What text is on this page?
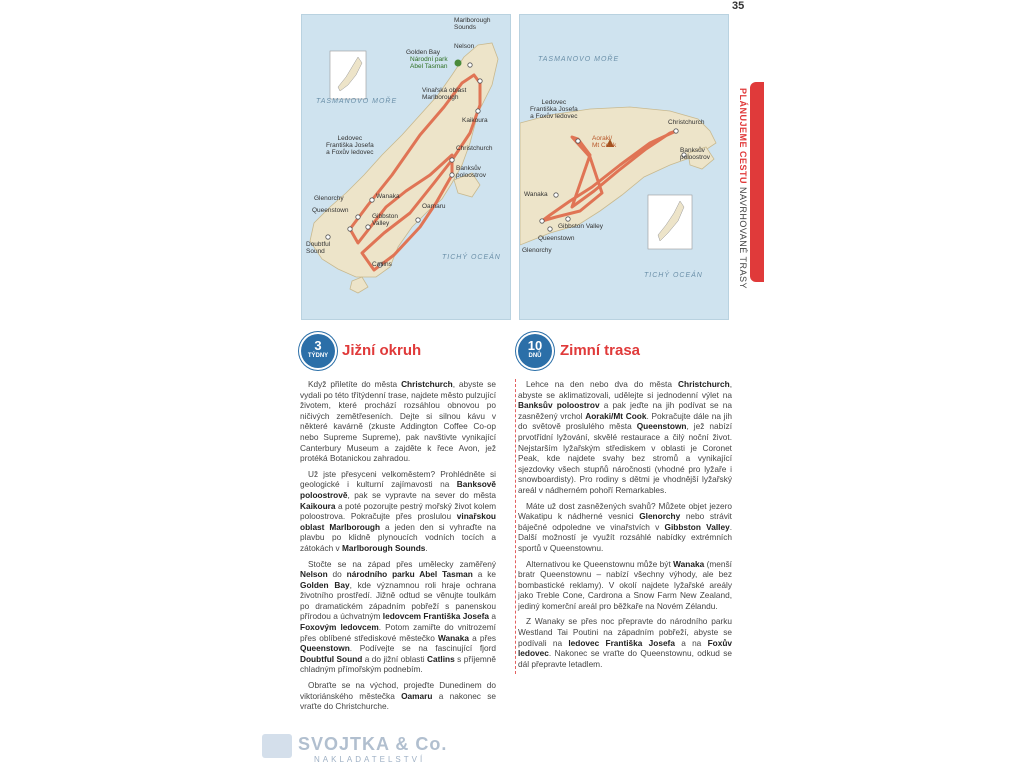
35
Marlborough
Sounds
Golden Bay
Nelson
Národní park
Abel Tasman
Vinařská oblast
Marlborough
Kaikoura
Ledovec
Františka Josefa
a Foxův ledovec
Christchurch
Banksův
poloostrov
Glenorchy
Queenstown
Wanaka
Gibbston
Valley
Oamaru
Doubtful
Sound
Catlins
TASMANOVO MOŘE
TICHÝ OCEÁN
Ledovec
Františka Josefa
a Foxův ledovec
Aoraki/
Mt Cook
Christchurch
Banksův
poloostrov
Wanaka
Gibbston Valley
Queenstown
Glenorchy
TASMANOVO MOŘE
TICHÝ OCEÁN
PLÁNUJEME CESTU NAVRHOVANÉ TRASY
3
TÝDNY Jižní okruh	10
DNŮ	Zimní trasa

Když přiletíte do města Christchurch, abyste se vydali po této třítýdenní trase, najdete město pulzující životem, které prochází rozsáhlou obnovou po ničivých zemětřeseních. Dejte si silnou kávu v některé kavárně (zkuste Addington Coffee Co-op nebo Supreme Supreme), pak navštivte vynikající Canterbury Museum a zajděte k řece Avon, jež protéká Botanickou zahradou.

Už jste přesyceni velkoměstem? Prohlédněte si geologické i kulturní zajímavosti na Banksově poloostrově, pak se vypravte na sever do města Kaikoura a poté pozorujte pestrý mořský život kolem poloostrova. Pokračujte přes proslulou vinařskou oblast Marlborough a jeden den si vyhraďte na plavbu po klidně plynoucích vodních tocích a zátokách v Marlborough Sounds.

Stočte se na západ přes umělecky zaměřený Nelson do národního parku Abel Tasman a ke Golden Bay, kde významnou roli hraje ochrana životního prostředí. Jižně odtud se věnujte toulkám po dramatickém západním pobřeží s panenskou přírodou a úchvatným ledovcem Františka Josefa a Foxovým ledovcem. Potom zamiřte do vnitrozemí přes oblíbené střediskové městečko Wanaka a přes Queenstown. Podívejte se na fascinující fjord Doubtful Sound a do jižní oblasti Catlins s příjemně chladným přímořským podnebím.

Obraťte se na východ, projeďte Dunedinem do viktoriánského městečka Oamaru a nakonec se vraťte do Christchurche.

Lehce na den nebo dva do města Christchurch, abyste se aklimatizovali, udělejte si jednodenní výlet na Banksův poloostrov a pak jeďte na jih podívat se na zasněžený vrchol Aoraki/Mt Cook. Pokračujte dále na jih do světově proslulého města Queenstown, jež nabízí prvotřídní lyžování, skvělé restaurace a čilý noční život. Nejstarším lyžařským střediskem v oblasti je Coronet Peak, kde najdete svahy bez stromů a vynikající sjezdovky všech stupňů náročnosti (vhodné pro lyžaře i snowboardisty). Pro rodiny s dětmi je vhodnější lyžařský areál v nádherném pohoří Remarkables.

Máte už dost zasněžených svahů? Můžete objet jezero Wakatipu k nádherné vesnici Glenorchy nebo strávit báječné odpoledne ve vinařstvích v Gibbston Valley. Další možností je využít rozsáhlé nabídky extrémních sportů v Queenstownu.

Alternativou ke Queenstownu může být Wanaka (menší bratr Queenstownu – nabízí všechny výhody, ale bez bombastické reklamy). V okolí najdete lyžařské areály jako Treble Cone, Cardrona a Snow Farm New Zealand, jediný komerční areál pro běžkaře na Novém Zélandu.

Z Wanaky se přes noc přepravte do národního parku Westland Tai Poutini na západním pobřeží, abyste se podívali na ledovec Františka Josefa a na Foxův ledovec. Nakonec se vraťte do Queenstownu, odkud se dál přepravte letadlem.

SVOJTKA & Co.
NAKLADATELSTVÍ
